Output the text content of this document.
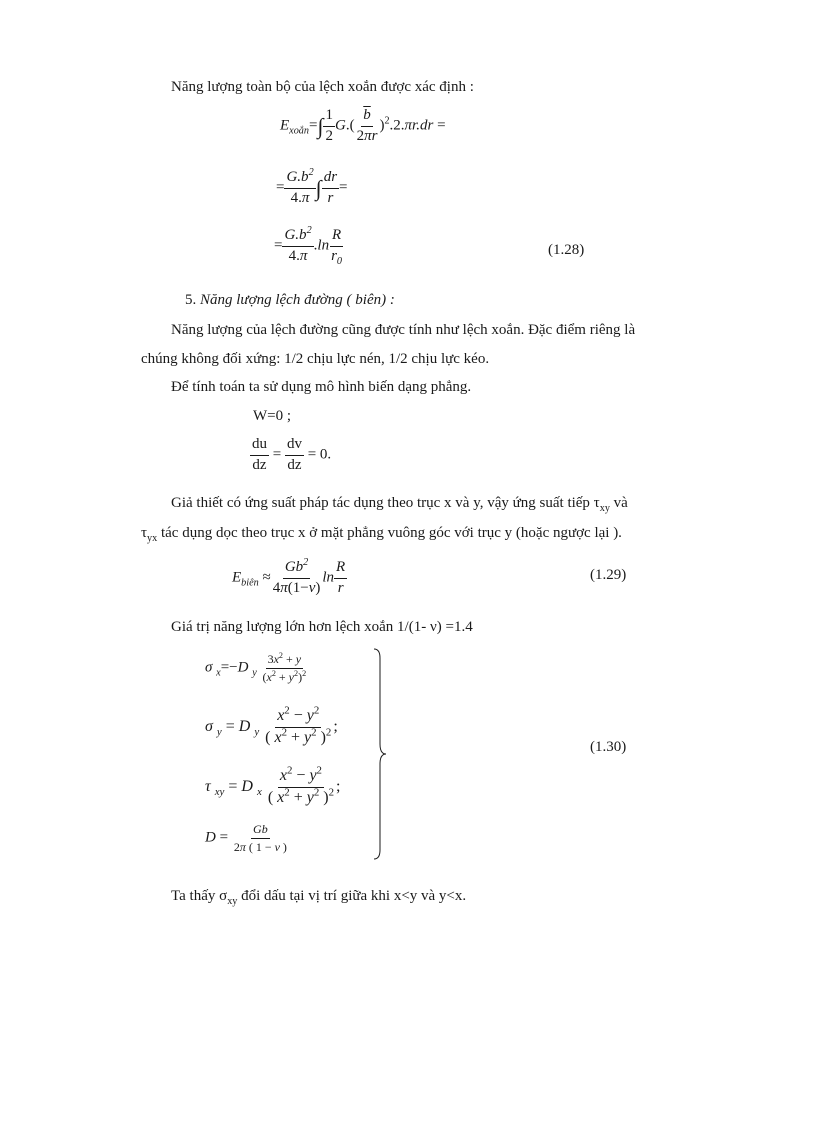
Năng lượng toàn bộ của lệch xoắn được xác định :
$E_{xoắn}=\int \frac{1}{2} G.( \frac{\overline{b}}{2\pi r} )^2.2.\pi r.dr$ =
= $\frac{G.b^2}{4.\pi}$ ∫ $\frac{dr}{r}$ =
= $\frac{G.b^2}{4.\pi} .\ln \frac{R}{r_0}$	(1.28)
5. Năng lượng lệch đường ( biên) :
Năng lượng của lệch đường cũng được tính như lệch xoắn. Đặc điểm riêng là
chúng không đối xứng: 1/2 chịu lực nén, 1/2 chịu lực kéo.
Để tính toán ta sử dụng mô hình biến dạng phẳng.
W=0 ;
$\frac{du}{dz} = \frac{dv}{dz} = 0$.
Giả thiết có ứng suất pháp tác dụng theo trục x và y, vậy ứng suất tiếp $\tau_{xy}$ và
$\tau_{yx}$ tác dụng dọc theo trục x ở mặt phẳng vuông góc với trục y (hoặc ngược lại ).
$E_{biên} \approx \frac{Gb^2}{4\pi(1-\nu)}$ $\ln \frac{R}{r}$	(1.29)
Giá trị năng lượng lớn hơn lệch xoắn 1/(1- ν) =1.4
σ $_x$=−D $_y \frac{3x^2 + y}{(x^2 + y^2)^2}$
σ $_y$ = D $_y \frac{x^2 - y^2}{( x^2 + y^2 )^2}$ ;
τ $_{xy}$ = D $_x \frac{x^2 - y^2}{( x^2 + y^2 )^2}$ ;
$D = \frac{Gb}{2\pi ( 1 - \nu )}$
(1.30)
Ta thấy $\sigma_{xy}$ đổi dấu tại vị trí giữa khi x<y và y<x.
